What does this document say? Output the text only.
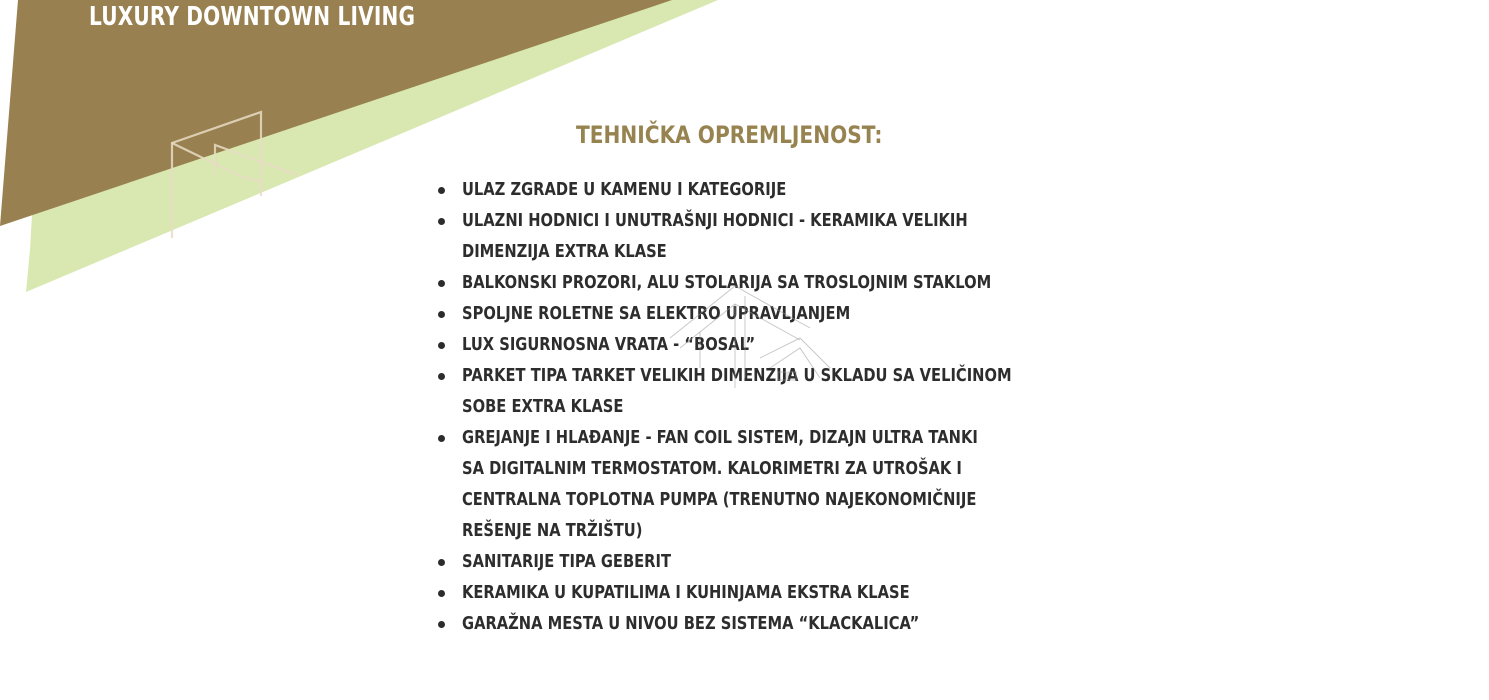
LUXURY DOWNTOWN LIVING
TEHNIČKA OPREMLJENOST:
ULAZ ZGRADE U KAMENU I KATEGORIJE
ULAZNI HODNICI I UNUTRAŠNJI HODNICI - KERAMIKA VELIKIH
DIMENZIJA EXTRA KLASE
BALKONSKI PROZORI, ALU STOLARIJA SA TROSLOJNIM STAKLOM
SPOLJNE ROLETNE SA ELEKTRO UPRAVLJANJEM
LUX SIGURNOSNA VRATA - “BOSAL”
PARKET TIPA TARKET VELIKIH DIMENZIJA U SKLADU SA VELIČINOM
SOBE EXTRA KLASE
GREJANJE I HLAĐANJE - FAN COIL SISTEM, DIZAJN ULTRA TANKI
SA DIGITALNIM TERMOSTATOM. KALORIMETRI ZA UTROŠAK I
CENTRALNA TOPLOTNA PUMPA (TRENUTNO NAJEKONOMIČNIJE
REŠENJE NA TRŽIŠTU)
SANITARIJE TIPA GEBERIT
KERAMIKA U KUPATILIMA I KUHINJAMA EKSTRA KLASE
GARAŽNA MESTA U NIVOU BEZ SISTEMA “KLACKALICA”
